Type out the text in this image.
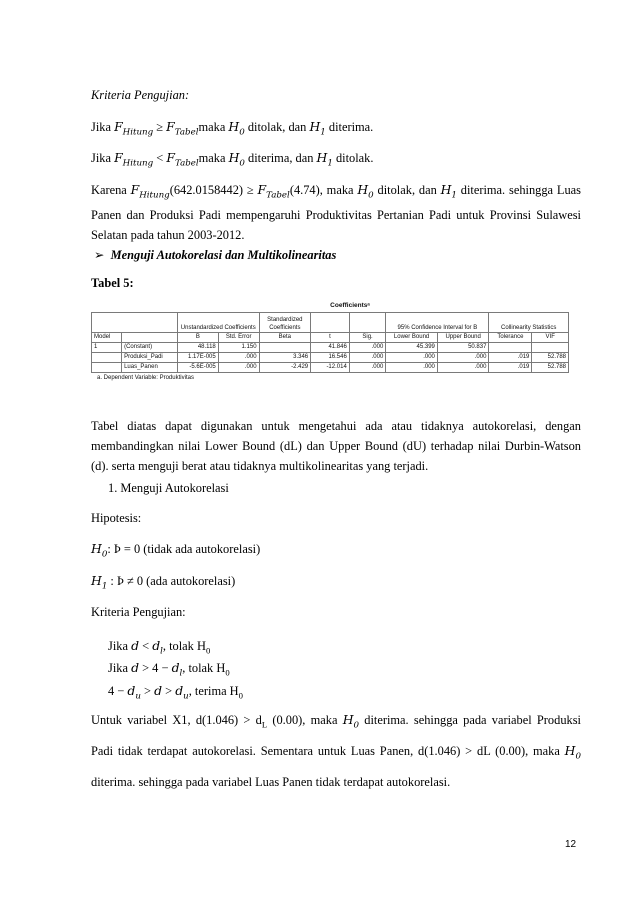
Kriteria Pengujian:
Jika $F_{Hitung}$ ≥ $F_{Tabel}maka$ $H_0$ ditolak, dan $H_1$ diterima.
Jika $F_{Hitung}$ < $F_{Tabel}maka$ $H_0$ diterima, dan $H_1$ ditolak.
Karena $F_{Hitung}(642.0158442) \ge F_{Tabel}(4.74)$, maka $H_0$ ditolak, dan $H_1$ diterima. sehingga Luas Panen dan Produksi Padi mempengaruhi Produktivitas Pertanian Padi untuk Provinsi Sulawesi Selatan pada tahun 2003-2012.
➢ Menguji Autokorelasi dan Multikolinearitas
Tabel 5:
Coefficientsᵃ
		Unstandardized Coefficients		Standardized Coefficients			95% Confidence Interval for B		Collinearity Statistics	
Model		B	Std. Error	Beta	t	Sig.	Lower Bound	Upper Bound	Tolerance	VIF
1	(Constant)	48.118	1.150		41.846	.000	45.399	50.837		
	Produksi_Padi	1.17E-005	.000	3.346	16.546	.000	.000	.000	.019	52.788
	Luas_Panen	-5.6E-005	.000	-2.429	-12.014	.000	.000	.000	.019	52.788
a. Dependent Variable: Produktivitas
Tabel diatas dapat digunakan untuk mengetahui ada atau tidaknya autokorelasi, dengan membandingkan nilai Lower Bound (dL) dan Upper Bound (dU) terhadap nilai Durbin-Watson (d). serta menguji berat atau tidaknya multikolinearitas yang terjadi.
1. Menguji Autokorelasi
Hipotesis:
$H_0$: Þ = 0 (tidak ada autokorelasi)
$H_1$ : Þ ≠ 0 (ada autokorelasi)
Kriteria Pengujian:
Jika $d < d_l$, tolak $H_0$
Jika $d > 4 - d_l$, tolak $H_0$
$4 - d_u > d > d_u$, terima $H_0$
Untuk variabel X1, $d(1.046) > d_L$ (0.00), maka $H_0$ diterima. sehingga pada variabel Produksi
Padi tidak terdapat autokorelasi. Sementara untuk Luas Panen, d(1.046) > dL (0.00), maka $H_0$
diterima. sehingga pada variabel Luas Panen tidak terdapat autokorelasi.
12
